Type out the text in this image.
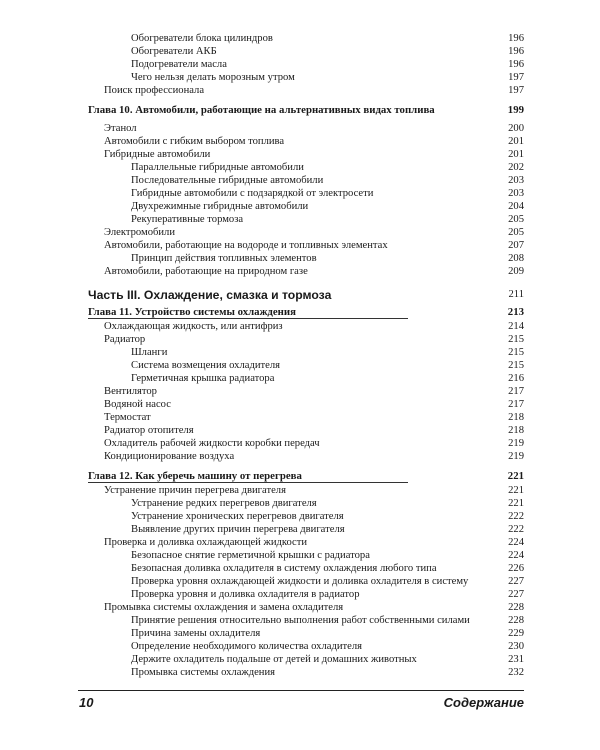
Обогреватели блока цилиндров	196
Обогреватели АКБ	196
Подогреватели масла	196
Чего нельзя делать морозным утром	197
Поиск профессионала	197
Глава 10. Автомобили, работающие на альтернативных видах топлива	199
Этанол	200
Автомобили с гибким выбором топлива	201
Гибридные автомобили	201
Параллельные гибридные автомобили	202
Последовательные гибридные автомобили	203
Гибридные автомобили с подзарядкой от электросети	203
Двухрежимные гибридные автомобили	204
Рекуперативные тормоза	205
Электромобили	205
Автомобили, работающие на водороде и топливных элементах	207
Принцип действия топливных элементов	208
Автомобили, работающие на природном газе	209
Часть III. Охлаждение, смазка и тормоза	211
Глава 11. Устройство системы охлаждения	213
Охлаждающая жидкость, или антифриз	214
Радиатор	215
Шланги	215
Система возмещения охладителя	215
Герметичная крышка радиатора	216
Вентилятор	217
Водяной насос	217
Термостат	218
Радиатор отопителя	218
Охладитель рабочей жидкости коробки передач	219
Кондиционирование воздуха	219
Глава 12. Как уберечь машину от перегрева	221
Устранение причин перегрева двигателя	221
Устранение редких перегревов двигателя	221
Устранение хронических перегревов двигателя	222
Выявление других причин перегрева двигателя	222
Проверка и доливка охлаждающей жидкости	224
Безопасное снятие герметичной крышки с радиатора	224
Безопасная доливка охладителя в систему охлаждения любого типа	226
Проверка уровня охлаждающей жидкости и доливка охладителя в систему	227
Проверка уровня и доливка охладителя в радиатор	227
Промывка системы охлаждения и замена охладителя	228
Принятие решения относительно выполнения работ собственными силами	228
Причина замены охладителя	229
Определение необходимого количества охладителя	230
Держите охладитель подальше от детей и домашних животных	231
Промывка системы охлаждения	232
10	Содержание
